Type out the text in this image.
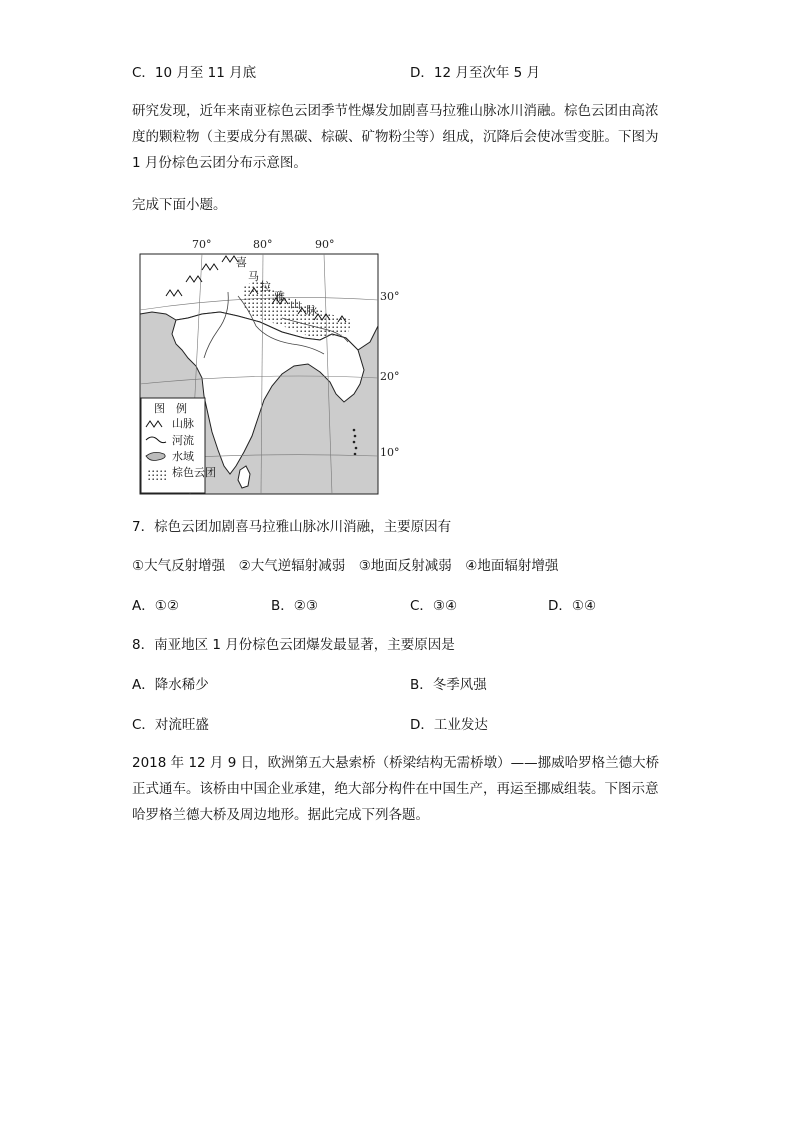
C．10 月至 11 月底	D．12 月至次年 5 月
研究发现，近年来南亚棕色云团季节性爆发加剧喜马拉雅山脉冰川消融。棕色云团由高浓度的颗粒物（主要成分有黑碳、棕碳、矿物粉尘等）组成，沉降后会使冰雪变脏。下图为 1 月份棕色云团分布示意图。
完成下面小题。
70°	80°	90°
喜
马
拉
雅
山 脉
30°
20°
10°
图　例
山脉
河流
水域
棕色云团
7．棕色云团加剧喜马拉雅山脉冰川消融，主要原因有
①大气反射增强　②大气逆辐射减弱　③地面反射减弱　④地面辐射增强
A．①②	B．②③	C．③④	D．①④
8．南亚地区 1 月份棕色云团爆发最显著，主要原因是
A．降水稀少	B．冬季风强
C．对流旺盛	D．工业发达
2018 年 12 月 9 日，欧洲第五大悬索桥（桥梁结构无需桥墩）——挪威哈罗格兰德大桥正式通车。该桥由中国企业承建，绝大部分构件在中国生产，再运至挪威组装。下图示意哈罗格兰德大桥及周边地形。据此完成下列各题。
